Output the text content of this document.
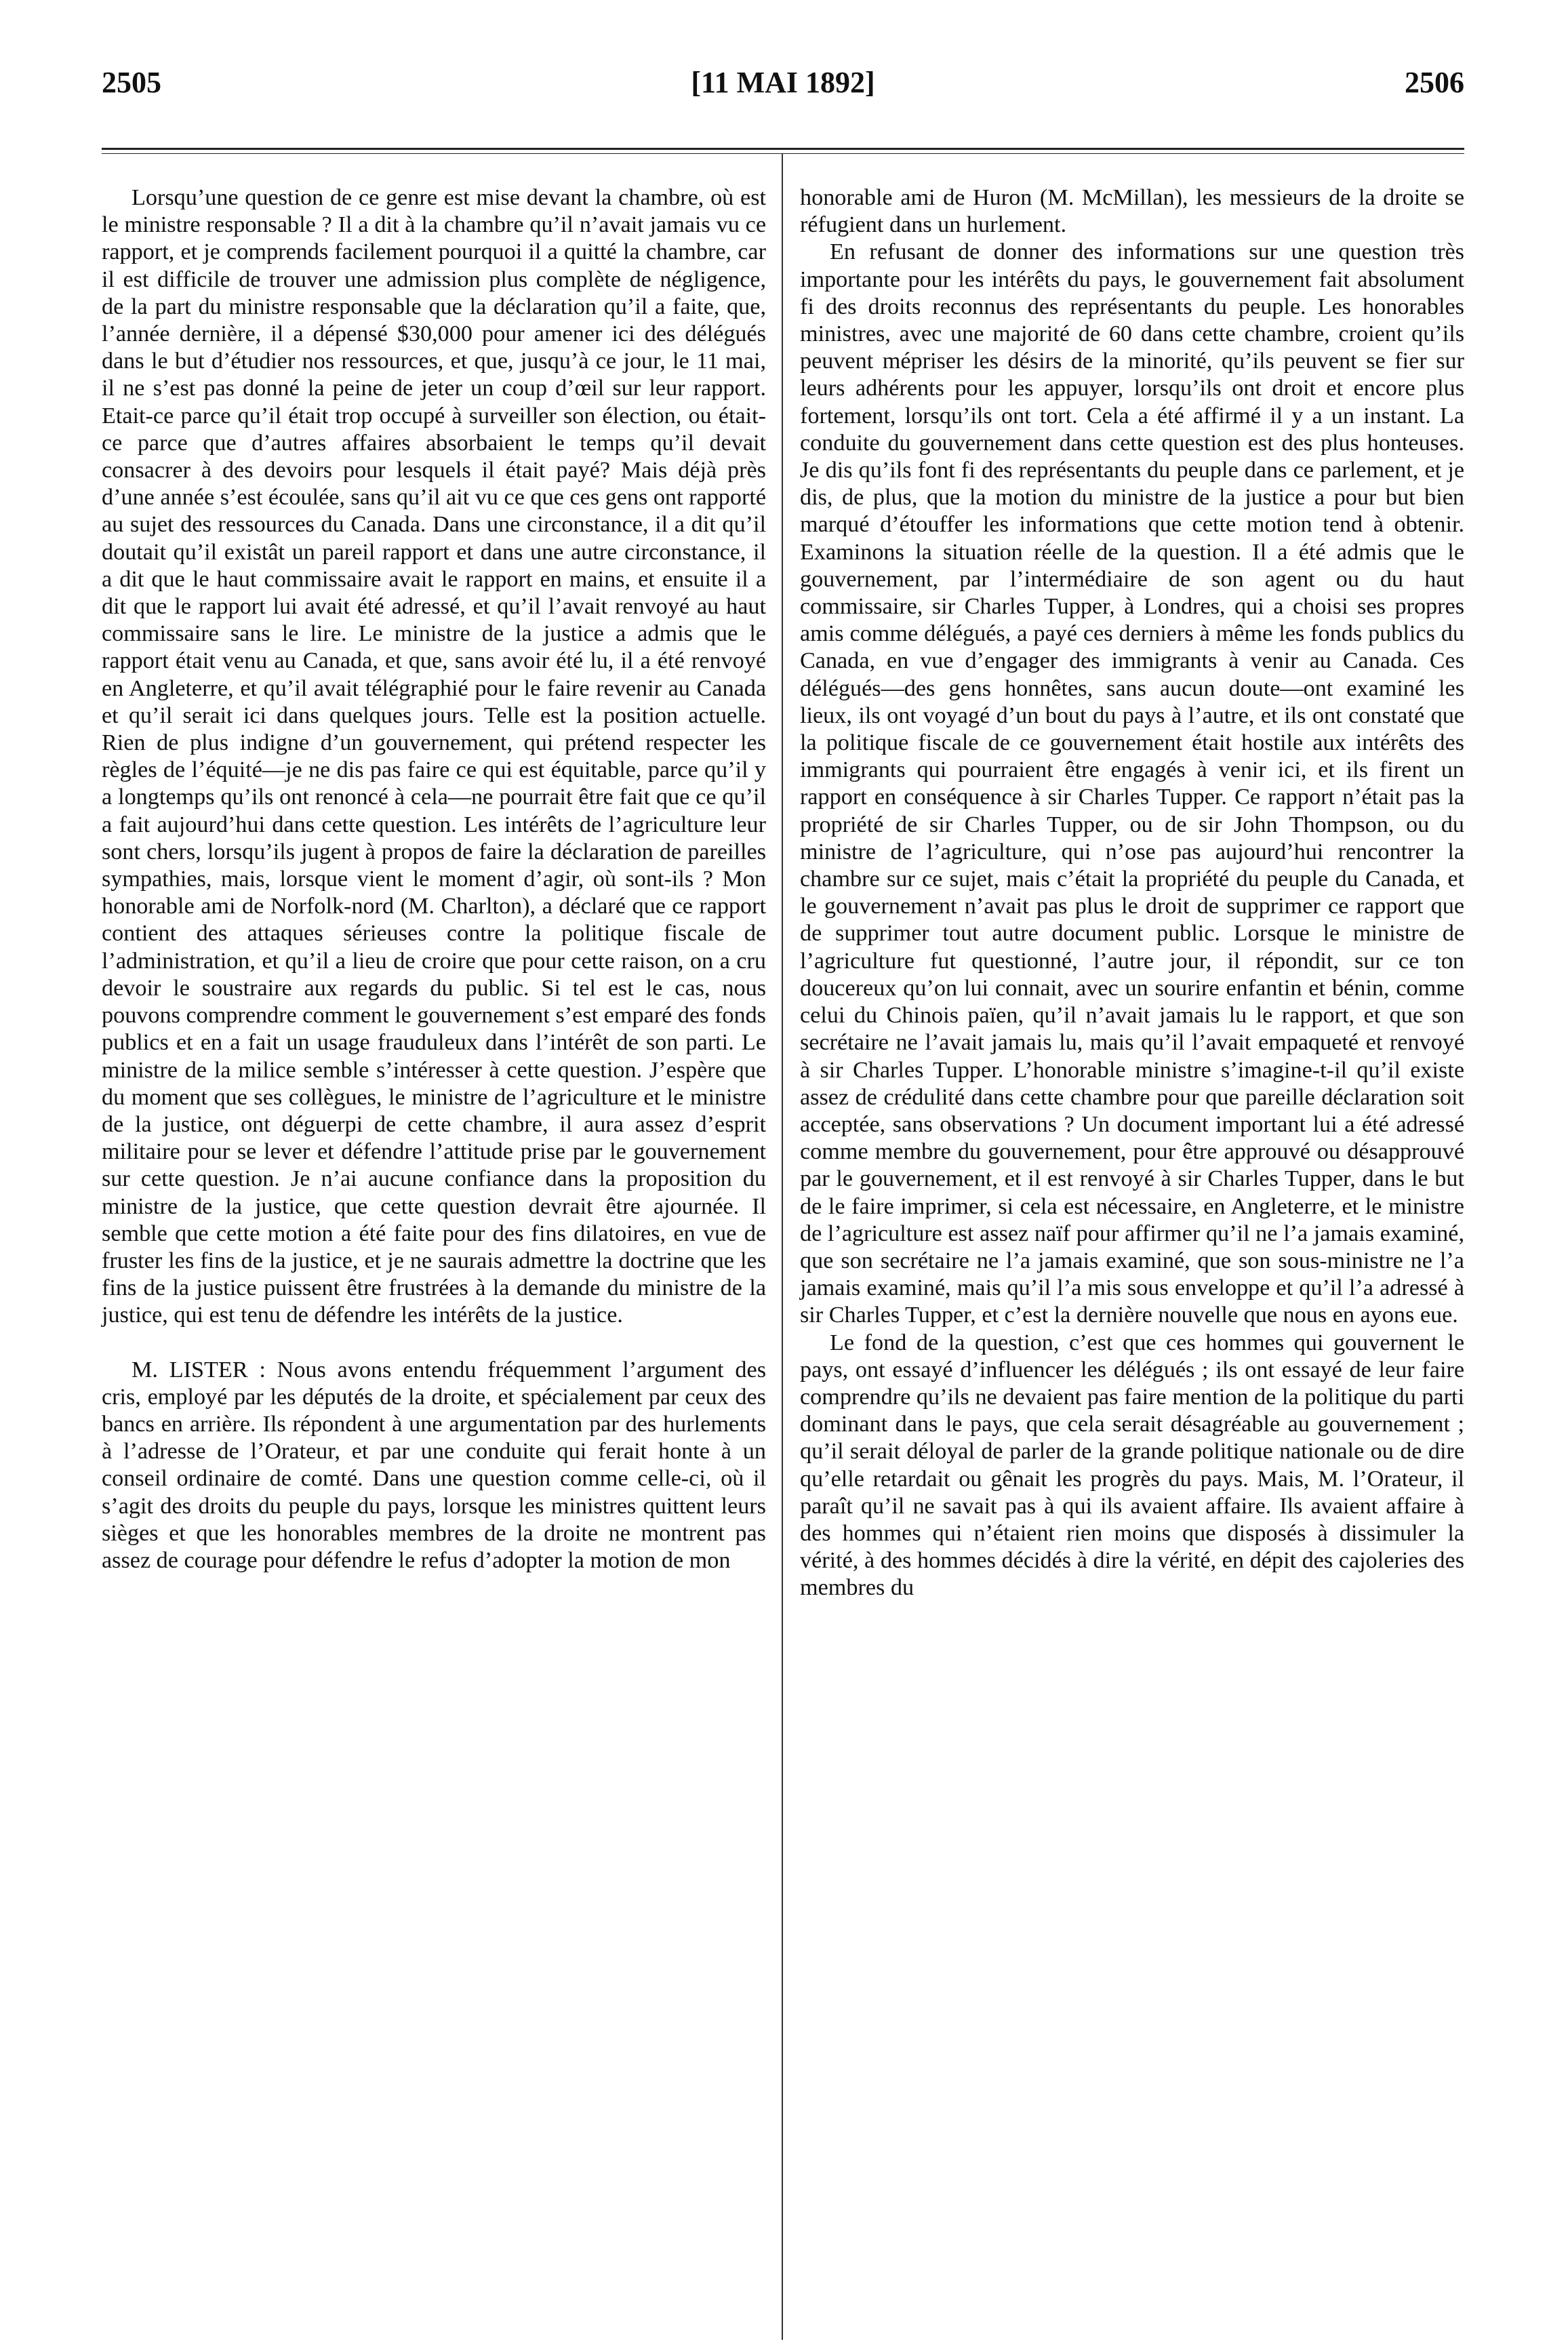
2505	[11 MAI 1892]	2506

Lorsqu’une question de ce genre est mise devant la chambre, où est le ministre responsable ? Il a dit à la chambre qu’il n’avait jamais vu ce rapport, et je comprends facilement pourquoi il a quitté la chambre, car il est difficile de trouver une admission plus complète de négligence, de la part du ministre responsable que la déclaration qu’il a faite, que, l’année dernière, il a dépensé $30,000 pour amener ici des délégués dans le but d’étudier nos ressources, et que, jusqu’à ce jour, le 11 mai, il ne s’est pas donné la peine de jeter un coup d’œil sur leur rapport. Etait-ce parce qu’il était trop occupé à surveiller son élection, ou était-ce parce que d’autres affaires absorbaient le temps qu’il devait consacrer à des devoirs pour lesquels il était payé? Mais déjà près d’une année s’est écoulée, sans qu’il ait vu ce que ces gens ont rapporté au sujet des ressources du Canada. Dans une circonstance, il a dit qu’il doutait qu’il existât un pareil rapport et dans une autre circonstance, il a dit que le haut commissaire avait le rapport en mains, et ensuite il a dit que le rapport lui avait été adressé, et qu’il l’avait renvoyé au haut commissaire sans le lire. Le ministre de la justice a admis que le rapport était venu au Canada, et que, sans avoir été lu, il a été renvoyé en Angleterre, et qu’il avait télégraphié pour le faire revenir au Canada et qu’il serait ici dans quelques jours. Telle est la position actuelle. Rien de plus indigne d’un gouvernement, qui prétend respecter les règles de l’équité—je ne dis pas faire ce qui est équitable, parce qu’il y a longtemps qu’ils ont renoncé à cela—ne pourrait être fait que ce qu’il a fait aujourd’hui dans cette question. Les intérêts de l’agriculture leur sont chers, lorsqu’ils jugent à propos de faire la déclaration de pareilles sympathies, mais, lorsque vient le moment d’agir, où sont-ils ? Mon honorable ami de Norfolk-nord (M. Charlton), a déclaré que ce rapport contient des attaques sérieuses contre la politique fiscale de l’administration, et qu’il a lieu de croire que pour cette raison, on a cru devoir le soustraire aux regards du public. Si tel est le cas, nous pouvons comprendre comment le gouvernement s’est emparé des fonds publics et en a fait un usage frauduleux dans l’intérêt de son parti. Le ministre de la milice semble s’intéresser à cette question. J’espère que du moment que ses collègues, le ministre de l’agriculture et le ministre de la justice, ont déguerpi de cette chambre, il aura assez d’esprit militaire pour se lever et défendre l’attitude prise par le gouvernement sur cette question. Je n’ai aucune confiance dans la proposition du ministre de la justice, que cette question devrait être ajournée. Il semble que cette motion a été faite pour des fins dilatoires, en vue de fruster les fins de la justice, et je ne saurais admettre la doctrine que les fins de la justice puissent être frustrées à la demande du ministre de la justice, qui est tenu de défendre les intérêts de la justice.

M. LISTER : Nous avons entendu fréquemment l’argument des cris, employé par les députés de la droite, et spécialement par ceux des bancs en arrière. Ils répondent à une argumentation par des hurlements à l’adresse de l’Orateur, et par une conduite qui ferait honte à un conseil ordinaire de comté. Dans une question comme celle-ci, où il s’agit des droits du peuple du pays, lorsque les ministres quittent leurs sièges et que les honorables membres de la droite ne montrent pas assez de courage pour défendre le refus d’adopter la motion de mon

honorable ami de Huron (M. McMillan), les messieurs de la droite se réfugient dans un hurlement.

En refusant de donner des informations sur une question très importante pour les intérêts du pays, le gouvernement fait absolument fi des droits reconnus des représentants du peuple. Les honorables ministres, avec une majorité de 60 dans cette chambre, croient qu’ils peuvent mépriser les désirs de la minorité, qu’ils peuvent se fier sur leurs adhérents pour les appuyer, lorsqu’ils ont droit et encore plus fortement, lorsqu’ils ont tort. Cela a été affirmé il y a un instant. La conduite du gouvernement dans cette question est des plus honteuses. Je dis qu’ils font fi des représentants du peuple dans ce parlement, et je dis, de plus, que la motion du ministre de la justice a pour but bien marqué d’étouffer les informations que cette motion tend à obtenir. Examinons la situation réelle de la question. Il a été admis que le gouvernement, par l’intermédiaire de son agent ou du haut commissaire, sir Charles Tupper, à Londres, qui a choisi ses propres amis comme délégués, a payé ces derniers à même les fonds publics du Canada, en vue d’engager des immigrants à venir au Canada. Ces délégués—des gens honnêtes, sans aucun doute—ont examiné les lieux, ils ont voyagé d’un bout du pays à l’autre, et ils ont constaté que la politique fiscale de ce gouvernement était hostile aux intérêts des immigrants qui pourraient être engagés à venir ici, et ils firent un rapport en conséquence à sir Charles Tupper. Ce rapport n’était pas la propriété de sir Charles Tupper, ou de sir John Thompson, ou du ministre de l’agriculture, qui n’ose pas aujourd’hui rencontrer la chambre sur ce sujet, mais c’était la propriété du peuple du Canada, et le gouvernement n’avait pas plus le droit de supprimer ce rapport que de supprimer tout autre document public. Lorsque le ministre de l’agriculture fut questionné, l’autre jour, il répondit, sur ce ton doucereux qu’on lui connait, avec un sourire enfantin et bénin, comme celui du Chinois païen, qu’il n’avait jamais lu le rapport, et que son secrétaire ne l’avait jamais lu, mais qu’il l’avait empaqueté et renvoyé à sir Charles Tupper. L’honorable ministre s’imagine-t-il qu’il existe assez de crédulité dans cette chambre pour que pareille déclaration soit acceptée, sans observations ? Un document important lui a été adressé comme membre du gouvernement, pour être approuvé ou désapprouvé par le gouvernement, et il est renvoyé à sir Charles Tupper, dans le but de le faire imprimer, si cela est nécessaire, en Angleterre, et le ministre de l’agriculture est assez naïf pour affirmer qu’il ne l’a jamais examiné, que son secrétaire ne l’a jamais examiné, que son sous-ministre ne l’a jamais examiné, mais qu’il l’a mis sous enveloppe et qu’il l’a adressé à sir Charles Tupper, et c’est la dernière nouvelle que nous en ayons eue.

Le fond de la question, c’est que ces hommes qui gouvernent le pays, ont essayé d’influencer les délégués ; ils ont essayé de leur faire comprendre qu’ils ne devaient pas faire mention de la politique du parti dominant dans le pays, que cela serait désagréable au gouvernement ; qu’il serait déloyal de parler de la grande politique nationale ou de dire qu’elle retardait ou gênait les progrès du pays. Mais, M. l’Orateur, il paraît qu’il ne savait pas à qui ils avaient affaire. Ils avaient affaire à des hommes qui n’étaient rien moins que disposés à dissimuler la vérité, à des hommes décidés à dire la vérité, en dépit des cajoleries des membres du
